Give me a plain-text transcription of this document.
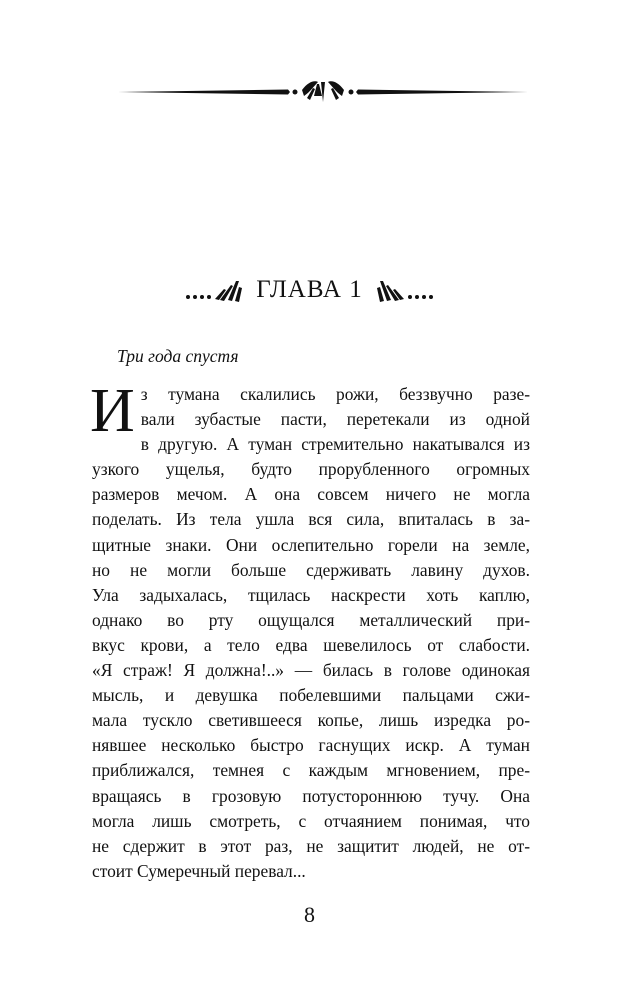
ГЛАВА 1
Три года спустя
И з тумана скалились рожи, беззвучно разе-
вали зубастые пасти, перетекали из одной
в другую. А туман стремительно накатывался из
узкого ущелья, будто прорубленного огромных
размеров мечом. А она совсем ничего не могла
поделать. Из тела ушла вся сила, впиталась в за-
щитные знаки. Они ослепительно горели на земле,
но не могли больше сдерживать лавину духов.
Ула задыхалась, тщилась наскрести хоть каплю,
однако во рту ощущался металлический при-
вкус крови, а тело едва шевелилось от слабости.
«Я страж! Я должна!..» — билась в голове одинокая
мысль, и девушка побелевшими пальцами сжи-
мала тускло светившееся копье, лишь изредка ро-
нявшее несколько быстро гаснущих искр. А туман
приближался, темнея с каждым мгновением, пре-
вращаясь в грозовую потустороннюю тучу. Она
могла лишь смотреть, с отчаянием понимая, что
не сдержит в этот раз, не защитит людей, не от-
стоит Сумеречный перевал...
8
